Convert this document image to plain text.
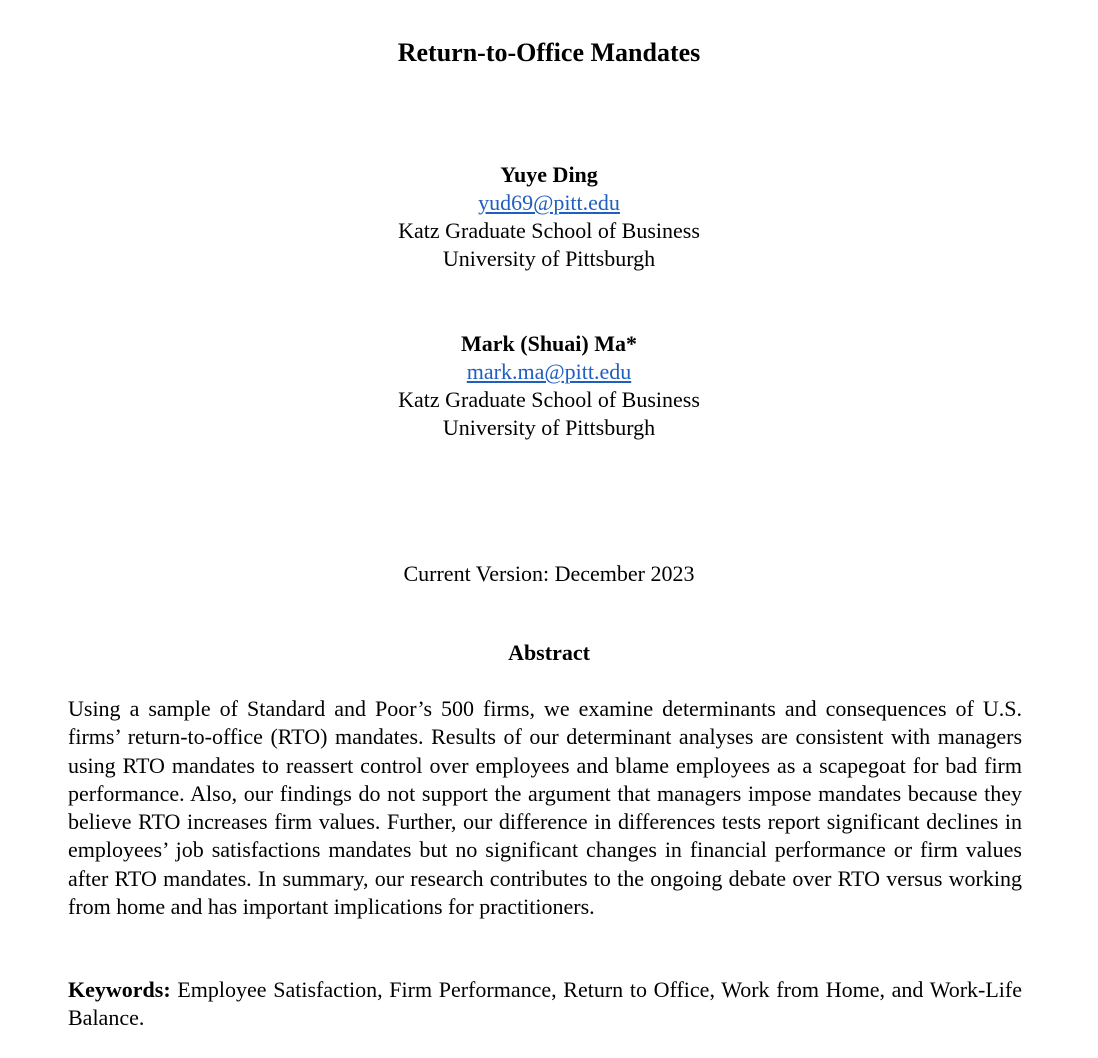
Return-to-Office Mandates
Yuye Ding
yud69@pitt.edu
Katz Graduate School of Business
University of Pittsburgh
Mark (Shuai) Ma*
mark.ma@pitt.edu
Katz Graduate School of Business
University of Pittsburgh
Current Version: December 2023
Abstract

Using a sample of Standard and Poor’s 500 firms, we examine determinants and consequences of U.S. firms’ return-to-office (RTO) mandates. Results of our determinant analyses are consistent with managers using RTO mandates to reassert control over employees and blame employees as a scapegoat for bad firm performance. Also, our findings do not support the argument that managers impose mandates because they believe RTO increases firm values. Further, our difference in differences tests report significant declines in employees’ job satisfactions mandates but no significant changes in financial performance or firm values after RTO mandates. In summary, our research contributes to the ongoing debate over RTO versus working from home and has important implications for practitioners.

Keywords: Employee Satisfaction, Firm Performance, Return to Office, Work from Home, and Work-Life Balance.
